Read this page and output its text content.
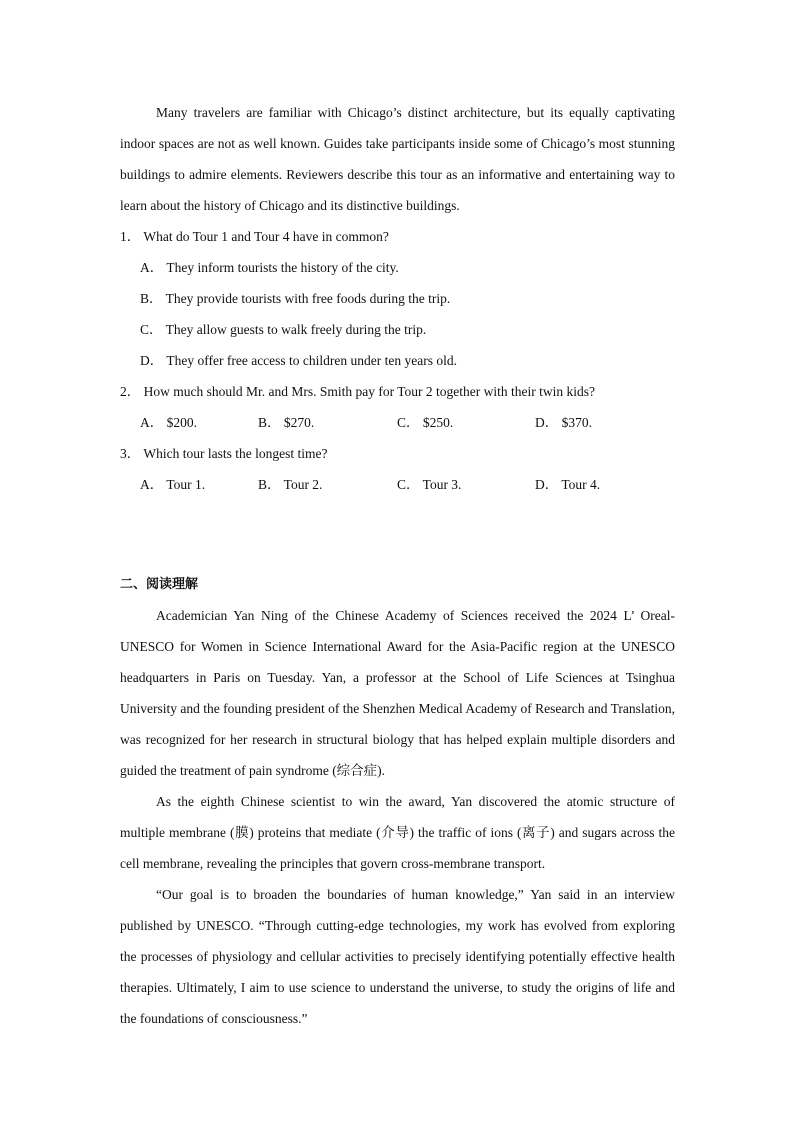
Many travelers are familiar with Chicago’s distinct architecture, but its equally captivating indoor spaces are not as well known. Guides take participants inside some of Chicago’s most stunning buildings to admire elements. Reviewers describe this tour as an informative and entertaining way to learn about the history of Chicago and its distinctive buildings.

1． What do Tour 1 and Tour 4 have in common?

A． They inform tourists the history of the city.

B． They provide tourists with free foods during the trip.

C． They allow guests to walk freely during the trip.

D． They offer free access to children under ten years old.

2． How much should Mr. and Mrs. Smith pay for Tour 2 together with their twin kids?

A． $200.	B． $270.	C． $250.	D． $370.

3． Which tour lasts the longest time?

A． Tour 1.	B． Tour 2.	C． Tour 3.	D． Tour 4.

二、阅读理解

Academician Yan Ning of the Chinese Academy of Sciences received the 2024 L’ Oreal-UNESCO for Women in Science International Award for the Asia-Pacific region at the UNESCO headquarters in Paris on Tuesday. Yan, a professor at the School of Life Sciences at Tsinghua University and the founding president of the Shenzhen Medical Academy of Research and Translation, was recognized for her research in structural biology that has helped explain multiple disorders and guided the treatment of pain syndrome (综合症).

As the eighth Chinese scientist to win the award, Yan discovered the atomic structure of multiple membrane (膜) proteins that mediate (介导) the traffic of ions (离子) and sugars across the cell membrane, revealing the principles that govern cross-membrane transport.

“Our goal is to broaden the boundaries of human knowledge,” Yan said in an interview published by UNESCO. “Through cutting-edge technologies, my work has evolved from exploring the processes of physiology and cellular activities to precisely identifying potentially effective health therapies. Ultimately, I aim to use science to understand the universe, to study the origins of life and the foundations of consciousness.”
